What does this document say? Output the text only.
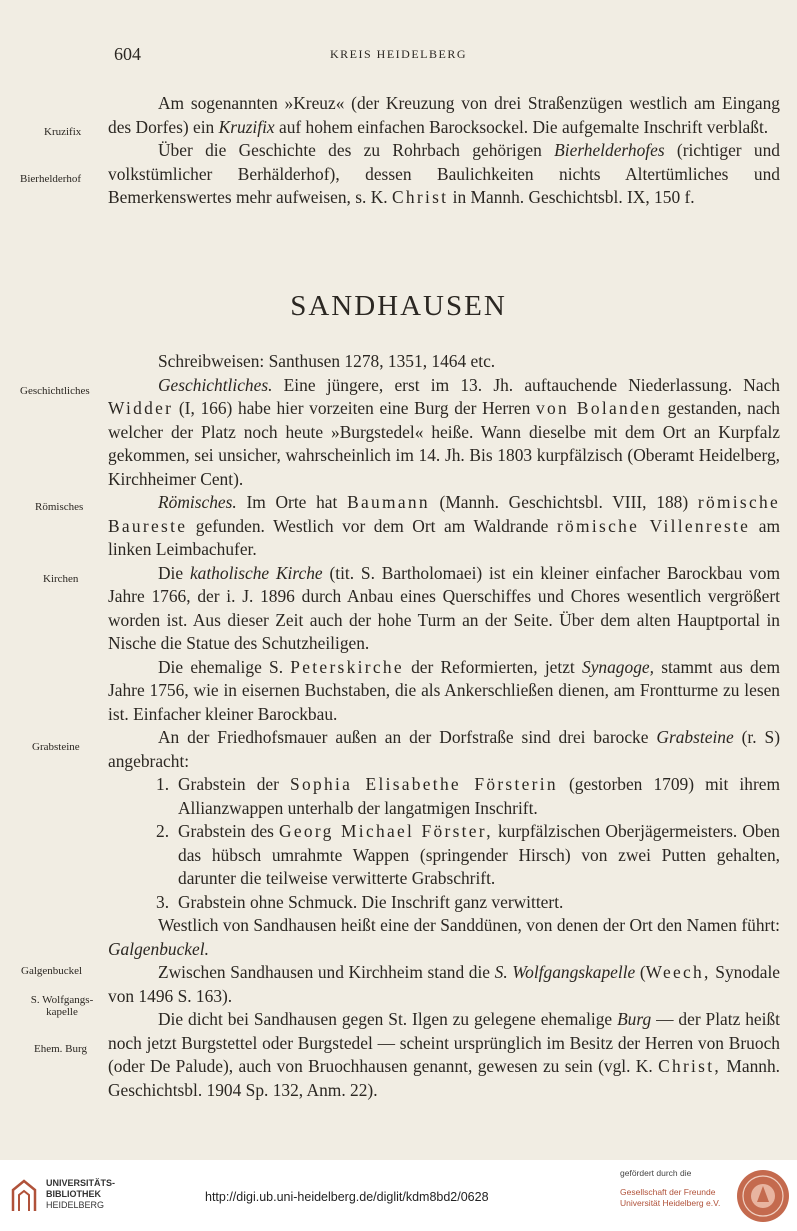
604	KREIS HEIDELBERG
Kruzifix
Bierhelderhof
Geschichtliches
Römisches
Kirchen
Grabsteine
Galgenbuckel
S. Wolfgangs-
kapelle
Ehem. Burg

Am sogenannten »Kreuz« (der Kreuzung von drei Straßenzügen westlich am Eingang des Dorfes) ein Kruzifix auf hohem einfachen Barocksockel. Die aufgemalte Inschrift verblaßt.

Über die Geschichte des zu Rohrbach gehörigen Bierhelderhofes (richtiger und volkstümlicher Berhälderhof), dessen Baulichkeiten nichts Altertümliches und Bemerkenswertes mehr aufweisen, s. K. Christ in Mannh. Geschichtsbl. IX, 150 f.

SANDHAUSEN

Schreibweisen: Santhusen 1278, 1351, 1464 etc.

Geschichtliches. Eine jüngere, erst im 13. Jh. auftauchende Niederlassung. Nach Widder (I, 166) habe hier vorzeiten eine Burg der Herren von Bolanden gestanden, nach welcher der Platz noch heute »Burgstedel« heiße. Wann dieselbe mit dem Ort an Kurpfalz gekommen, sei unsicher, wahrscheinlich im 14. Jh. Bis 1803 kurpfälzisch (Oberamt Heidelberg, Kirchheimer Cent).

Römisches. Im Orte hat Baumann (Mannh. Geschichtsbl. VIII, 188) römische Baureste gefunden. Westlich vor dem Ort am Waldrande römische Villenreste am linken Leimbachufer.

Die katholische Kirche (tit. S. Bartholomaei) ist ein kleiner einfacher Barockbau vom Jahre 1766, der i. J. 1896 durch Anbau eines Querschiffes und Chores wesentlich vergrößert worden ist. Aus dieser Zeit auch der hohe Turm an der Seite. Über dem alten Hauptportal in Nische die Statue des Schutzheiligen.

Die ehemalige S. Peterskirche der Reformierten, jetzt Synagoge, stammt aus dem Jahre 1756, wie in eisernen Buchstaben, die als Ankerschließen dienen, am Frontturme zu lesen ist. Einfacher kleiner Barockbau.

An der Friedhofsmauer außen an der Dorfstraße sind drei barocke Grabsteine (r. S) angebracht:

1. Grabstein der Sophia Elisabethe Försterin (gestorben 1709) mit ihrem Allianzwappen unterhalb der langatmigen Inschrift.

2. Grabstein des Georg Michael Förster, kurpfälzischen Oberjägermeisters. Oben das hübsch umrahmte Wappen (springender Hirsch) von zwei Putten gehalten, darunter die teilweise verwitterte Grabschrift.

3. Grabstein ohne Schmuck. Die Inschrift ganz verwittert.

Westlich von Sandhausen heißt eine der Sanddünen, von denen der Ort den Namen führt: Galgenbuckel.

Zwischen Sandhausen und Kirchheim stand die S. Wolfgangskapelle (Weech, Synodale von 1496 S. 163).

Die dicht bei Sandhausen gegen St. Ilgen zu gelegene ehemalige Burg — der Platz heißt noch jetzt Burgstettel oder Burgstedel — scheint ursprünglich im Besitz der Herren von Bruoch (oder De Palude), auch von Bruochhausen genannt, gewesen zu sein (vgl. K. Christ, Mannh. Geschichtsbl. 1904 Sp. 132, Anm. 22).

UNIVERSITÄTS-
BIBLIOTHEK
HEIDELBERG
http://digi.ub.uni-heidelberg.de/diglit/kdm8bd2/0628
gefördert durch die
Gesellschaft der Freunde
Universität Heidelberg e.V.
